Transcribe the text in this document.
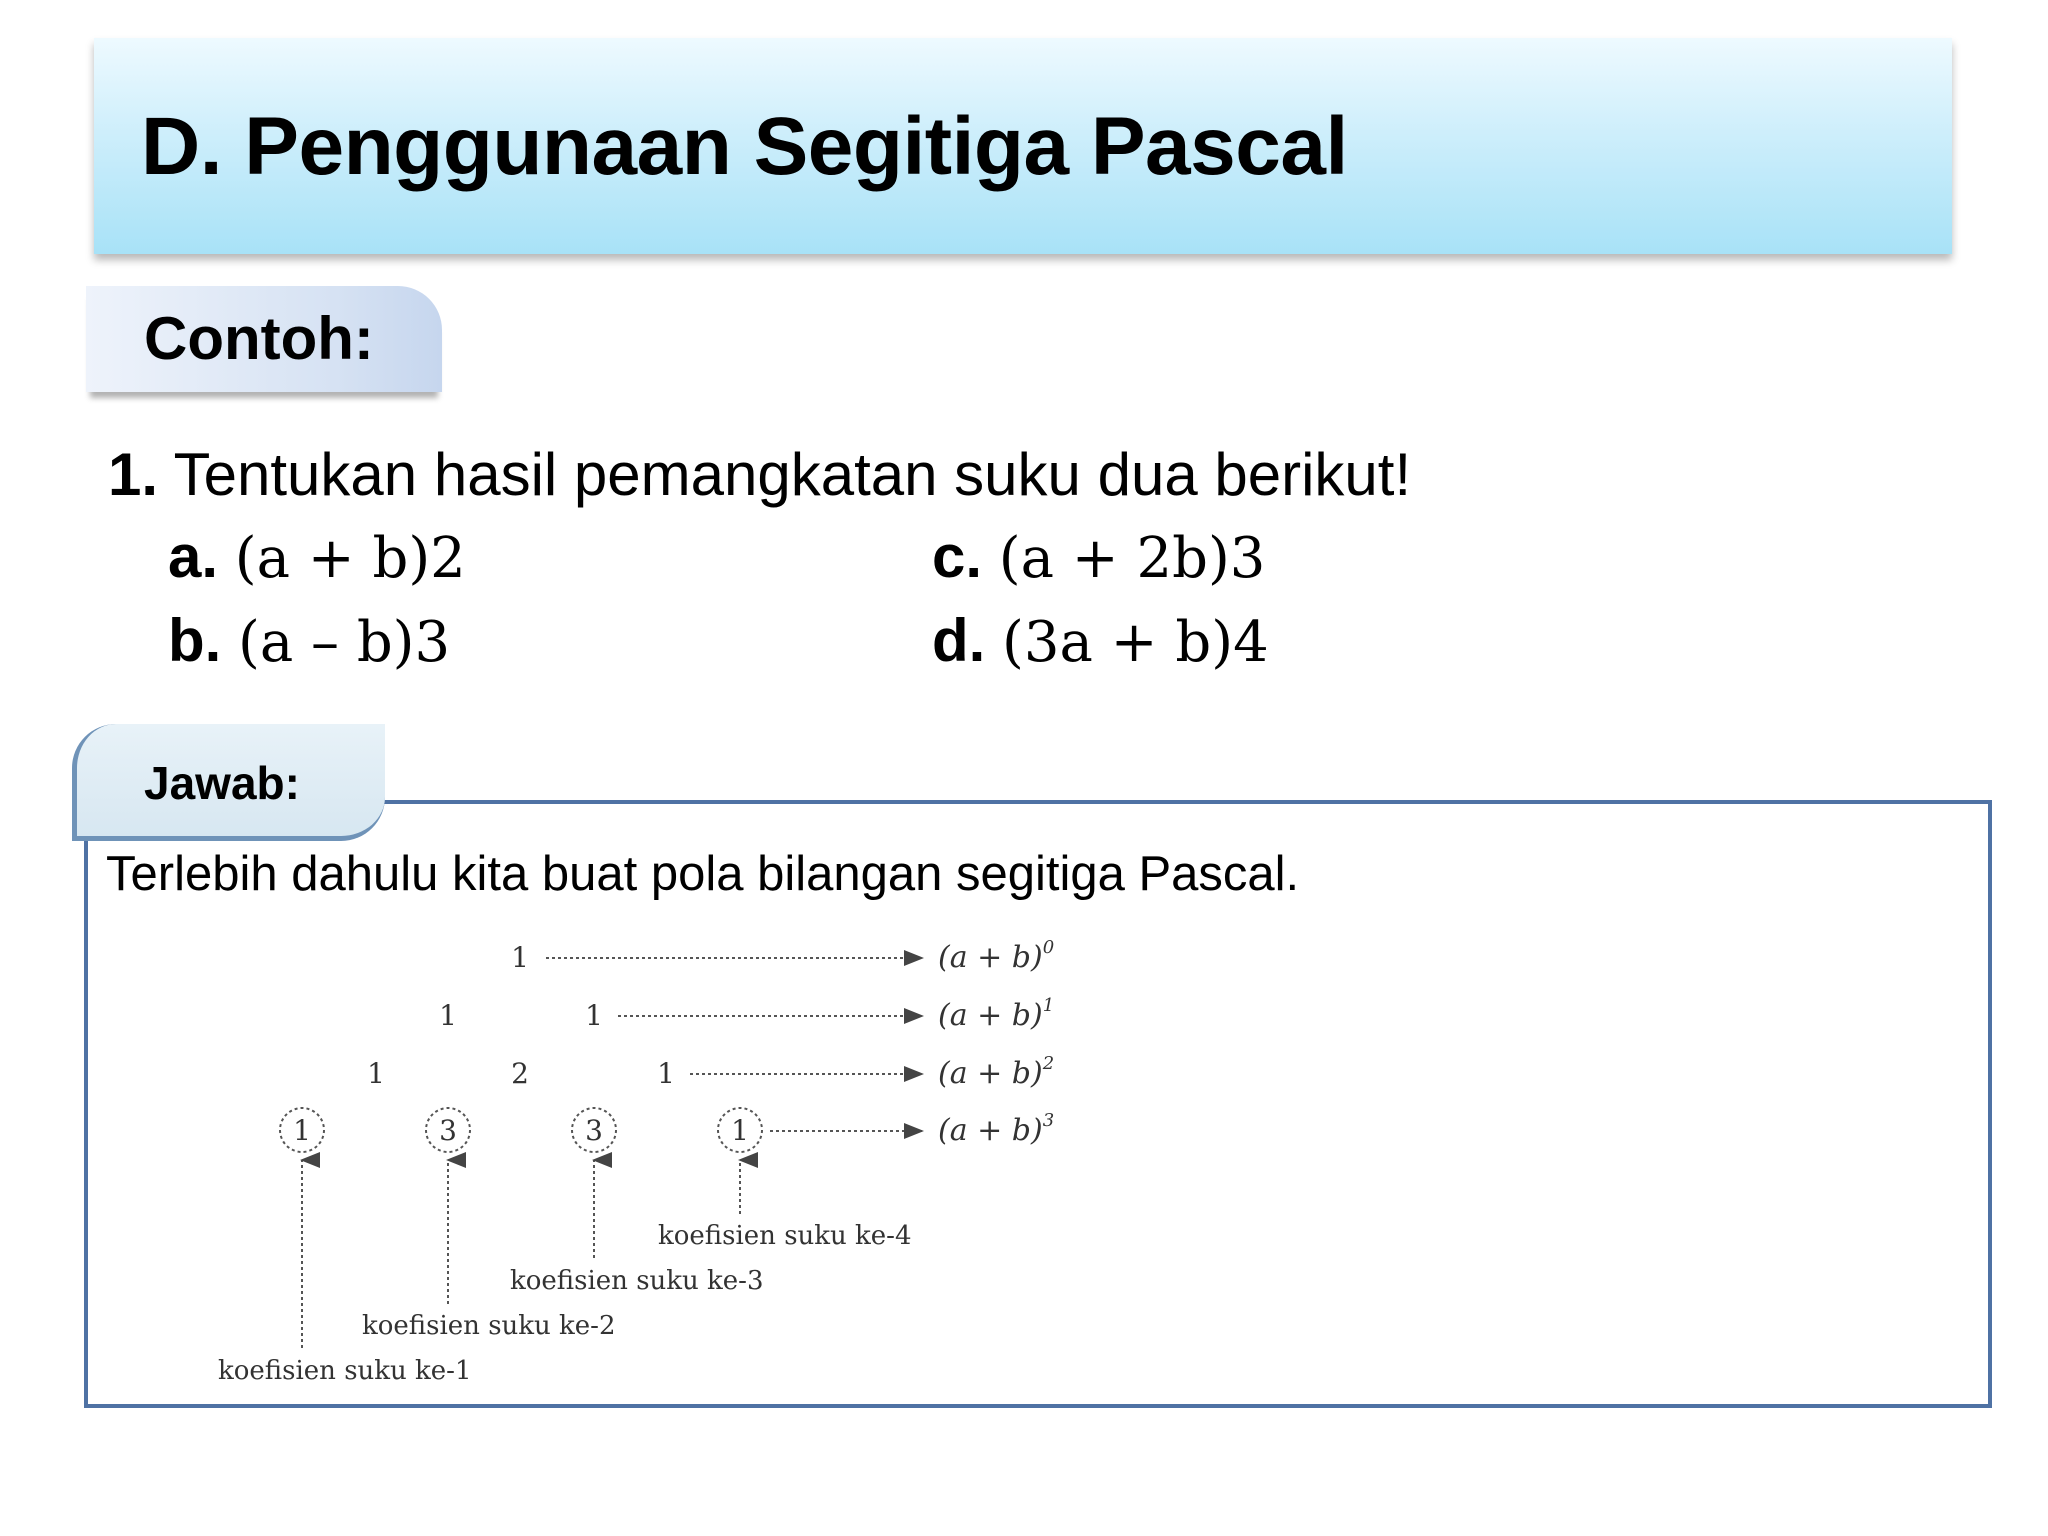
D. Penggunaan Segitiga Pascal
Contoh:
1. Tentukan hasil pemangkatan suku dua berikut!
a. (a + b)2
b. (a – b)3
c. (a + 2b)3
d. (3a + b)4
Jawab:
Terlebih dahulu kita buat pola bilangan segitiga Pascal.
1	$(a + b)^0$
1	1	$(a + b)^1$
1	2	1	$(a + b)^2$
1	3	3	1	$(a + b)^3$
koefisien suku ke-4
koefisien suku ke-3
koefisien suku ke-2
koefisien suku ke-1
